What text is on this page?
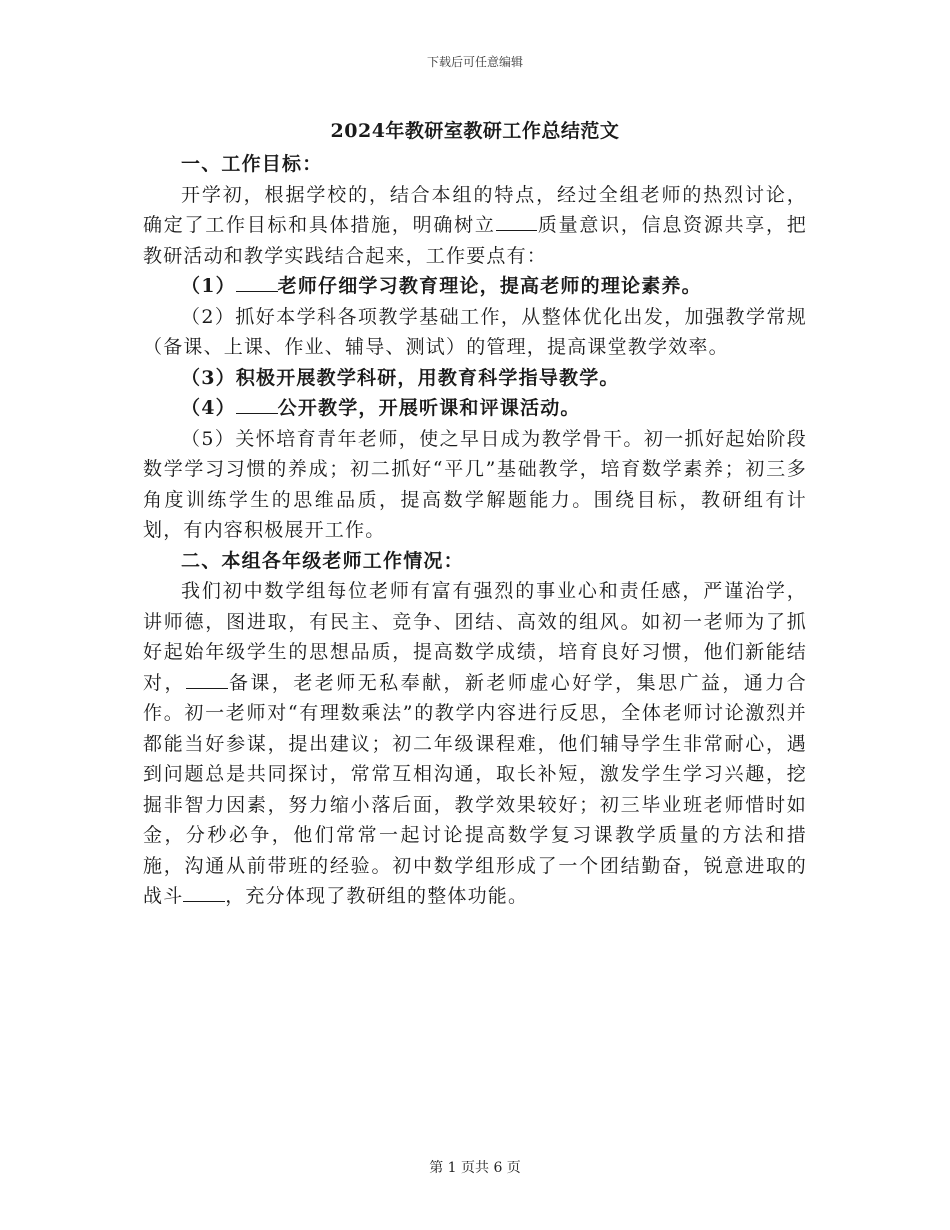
下载后可任意编辑
2024年教研室教研工作总结范文

一、工作目标：

开学初，根据学校的，结合本组的特点，经过全组老师的热烈讨论，确定了工作目标和具体措施，明确树立 质量意识，信息资源共享，把教研活动和教学实践结合起来，工作要点有：

（1） 老师仔细学习教育理论，提高老师的理论素养。

（2）抓好本学科各项教学基础工作，从整体优化出发，加强教学常规（备课、上课、作业、辅导、测试）的管理，提高课堂教学效率。

（3）积极开展教学科研，用教育科学指导教学。

（4） 公开教学，开展听课和评课活动。

（5）关怀培育青年老师，使之早日成为教学骨干。初一抓好起始阶段数学学习习惯的养成；初二抓好“平几”基础教学，培育数学素养；初三多角度训练学生的思维品质，提高数学解题能力。围绕目标，教研组有计划，有内容积极展开工作。

二、本组各年级老师工作情况：

我们初中数学组每位老师有富有强烈的事业心和责任感，严谨治学，讲师德，图进取，有民主、竞争、团结、高效的组风。如初一老师为了抓好起始年级学生的思想品质，提高数学成绩，培育良好习惯，他们新能结对， 备课，老老师无私奉献，新老师虚心好学，集思广益，通力合作。初一老师对“有理数乘法”的教学内容进行反思，全体老师讨论激烈并都能当好参谋，提出建议；初二年级课程难，他们辅导学生非常耐心，遇到问题总是共同探讨，常常互相沟通，取长补短，激发学生学习兴趣，挖掘非智力因素，努力缩小落后面，教学效果较好；初三毕业班老师惜时如金，分秒必争，他们常常一起讨论提高数学复习课教学质量的方法和措施，沟通从前带班的经验。初中数学组形成了一个团结勤奋，锐意进取的战斗 ，充分体现了教研组的整体功能。

第 1 页共 6 页
